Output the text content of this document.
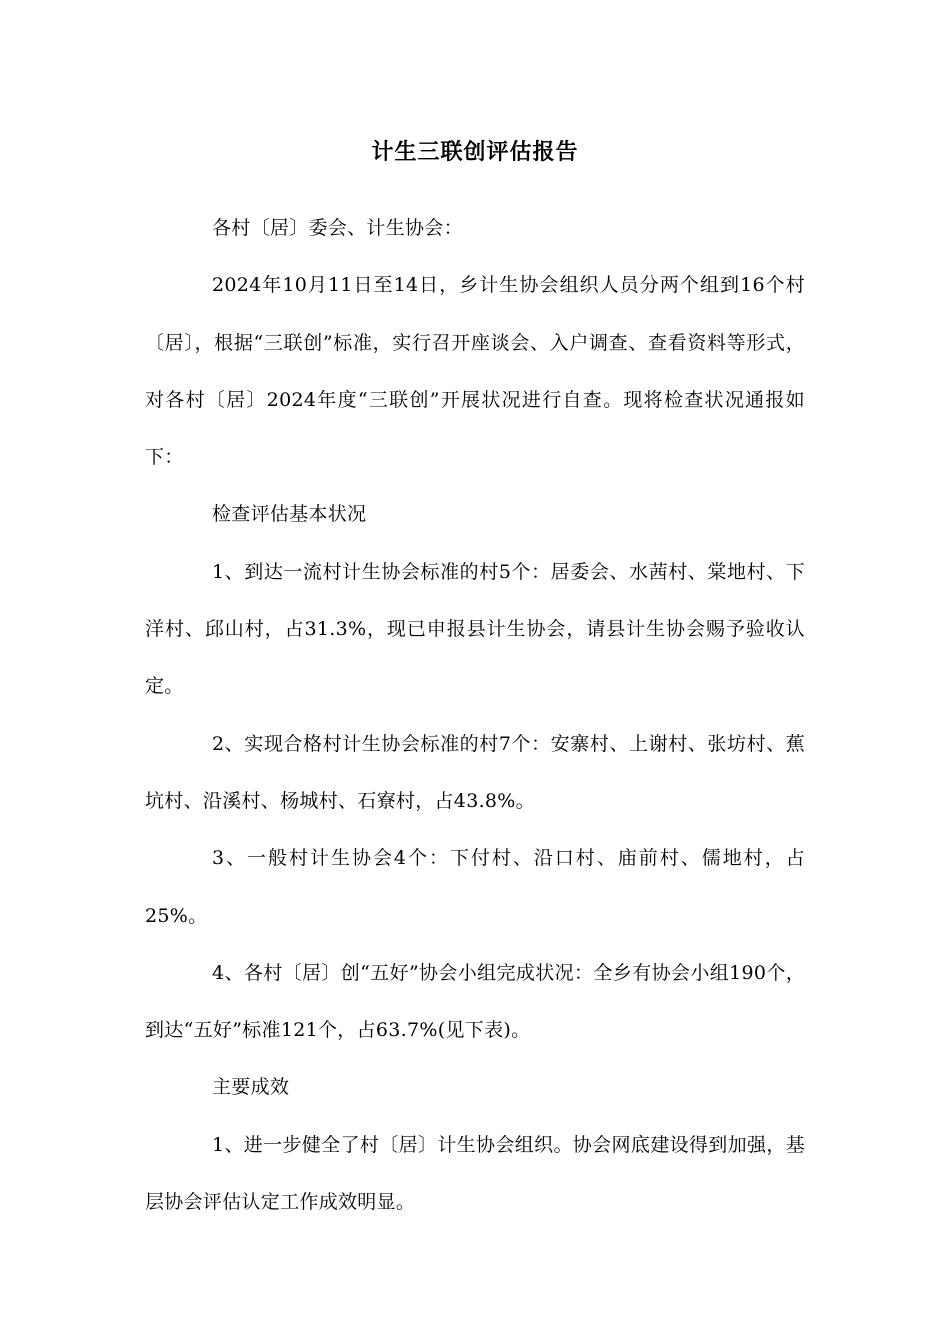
计生三联创评估报告

各村〔居〕委会、计生协会：

2024年10月11日至14日，乡计生协会组织人员分两个组到16个村〔居〕，根据“三联创”标准，实行召开座谈会、入户调查、查看资料等形式，对各村〔居〕2024年度“三联创”开展状况进行自查。现将检查状况通报如下：

检查评估基本状况

1、到达一流村计生协会标准的村5个：居委会、水茜村、棠地村、下洋村、邱山村，占31.3%，现已申报县计生协会，请县计生协会赐予验收认定。

2、实现合格村计生协会标准的村7个：安寨村、上谢村、张坊村、蕉坑村、沿溪村、杨城村、石寮村，占43.8%。

3、一般村计生协会4个：下付村、沿口村、庙前村、儒地村，占25%。

4、各村〔居〕创“五好”协会小组完成状况：全乡有协会小组190个，到达“五好”标准121个，占63.7%(见下表)。

主要成效

1、进一步健全了村〔居〕计生协会组织。协会网底建设得到加强，基层协会评估认定工作成效明显。
